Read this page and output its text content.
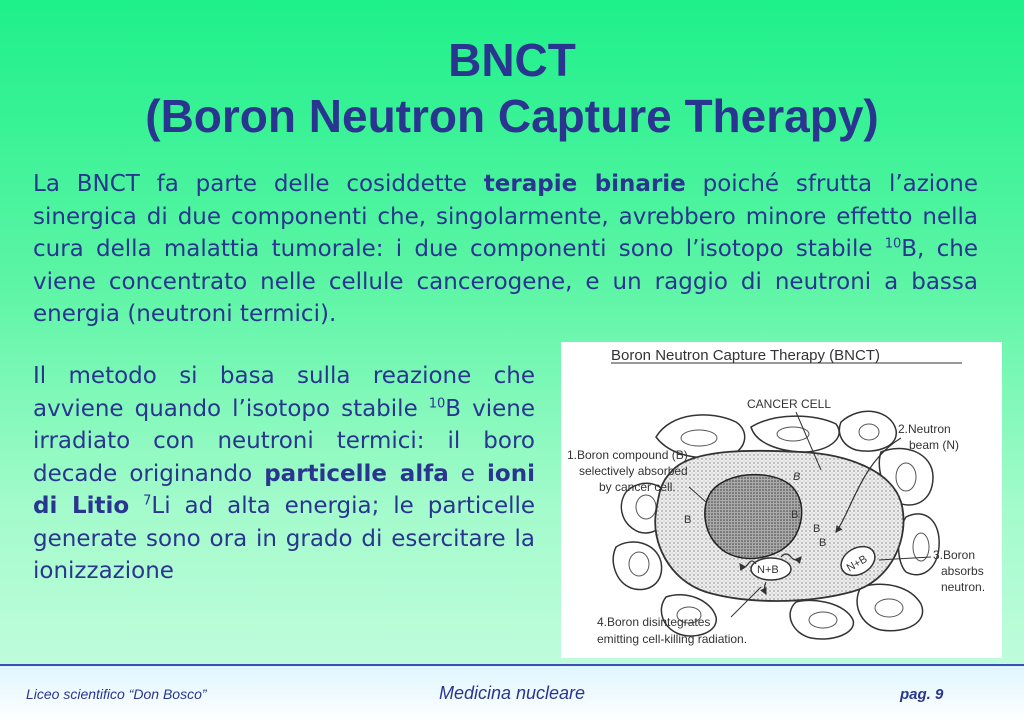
BNCT
(Boron Neutron Capture Therapy)
La BNCT fa parte delle cosiddette terapie binarie poiché sfrutta l’azione sinergica di due componenti che, singolarmente, avrebbero minore effetto nella cura della malattia tumorale: i due componenti sono l’isotopo stabile $^{10}$B, che viene concentrato nelle cellule cancerogene, e un raggio di neutroni a bassa energia (neutroni termici).
Il metodo si basa sulla reazione che avviene quando l’isotopo stabile $^{10}$B viene irradiato con neutroni termici: il boro decade originando particelle alfa e ioni di Litio $^7$Li ad alta energia; le particelle generate sono ora in grado di esercitare la ionizzazione
Boron Neutron Capture Therapy (BNCT)
B
B
B
B
B
N+B	N+B
CANCER CELL
1.Boron compound (B)
selectively absorbed
by cancer cell.
2.Neutron
beam (N)
3.Boron
absorbs
neutron.
4.Boron disintegrates
emitting cell-killing radiation.
Liceo scientifico “Don Bosco”	Medicina nucleare	pag. 9
